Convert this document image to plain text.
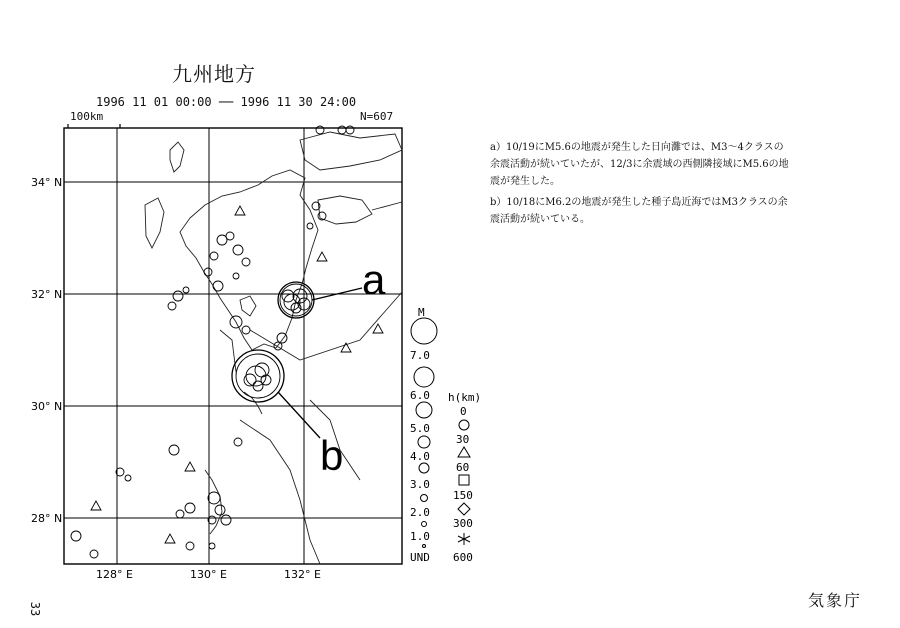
九州地方
1996 11 01 00:00 ── 1996 11 30 24:00
100km	N=607
a
b
34° N
32° N
30° N
28° N
128° E	130° E	132° E
M
7.0
6.0
5.0
4.0
3.0
2.0
1.0
UND
h(km)
0
30
60
150
300
600

a）10/19にM5.6の地震が発生した日向灘では、M3～4クラスの余震活動が続いていたが、12/3に余震域の西側隣接域にM5.6の地震が発生した。

b）10/18にM6.2の地震が発生した種子島近海ではM3クラスの余震活動が続いている。

気象庁
33
